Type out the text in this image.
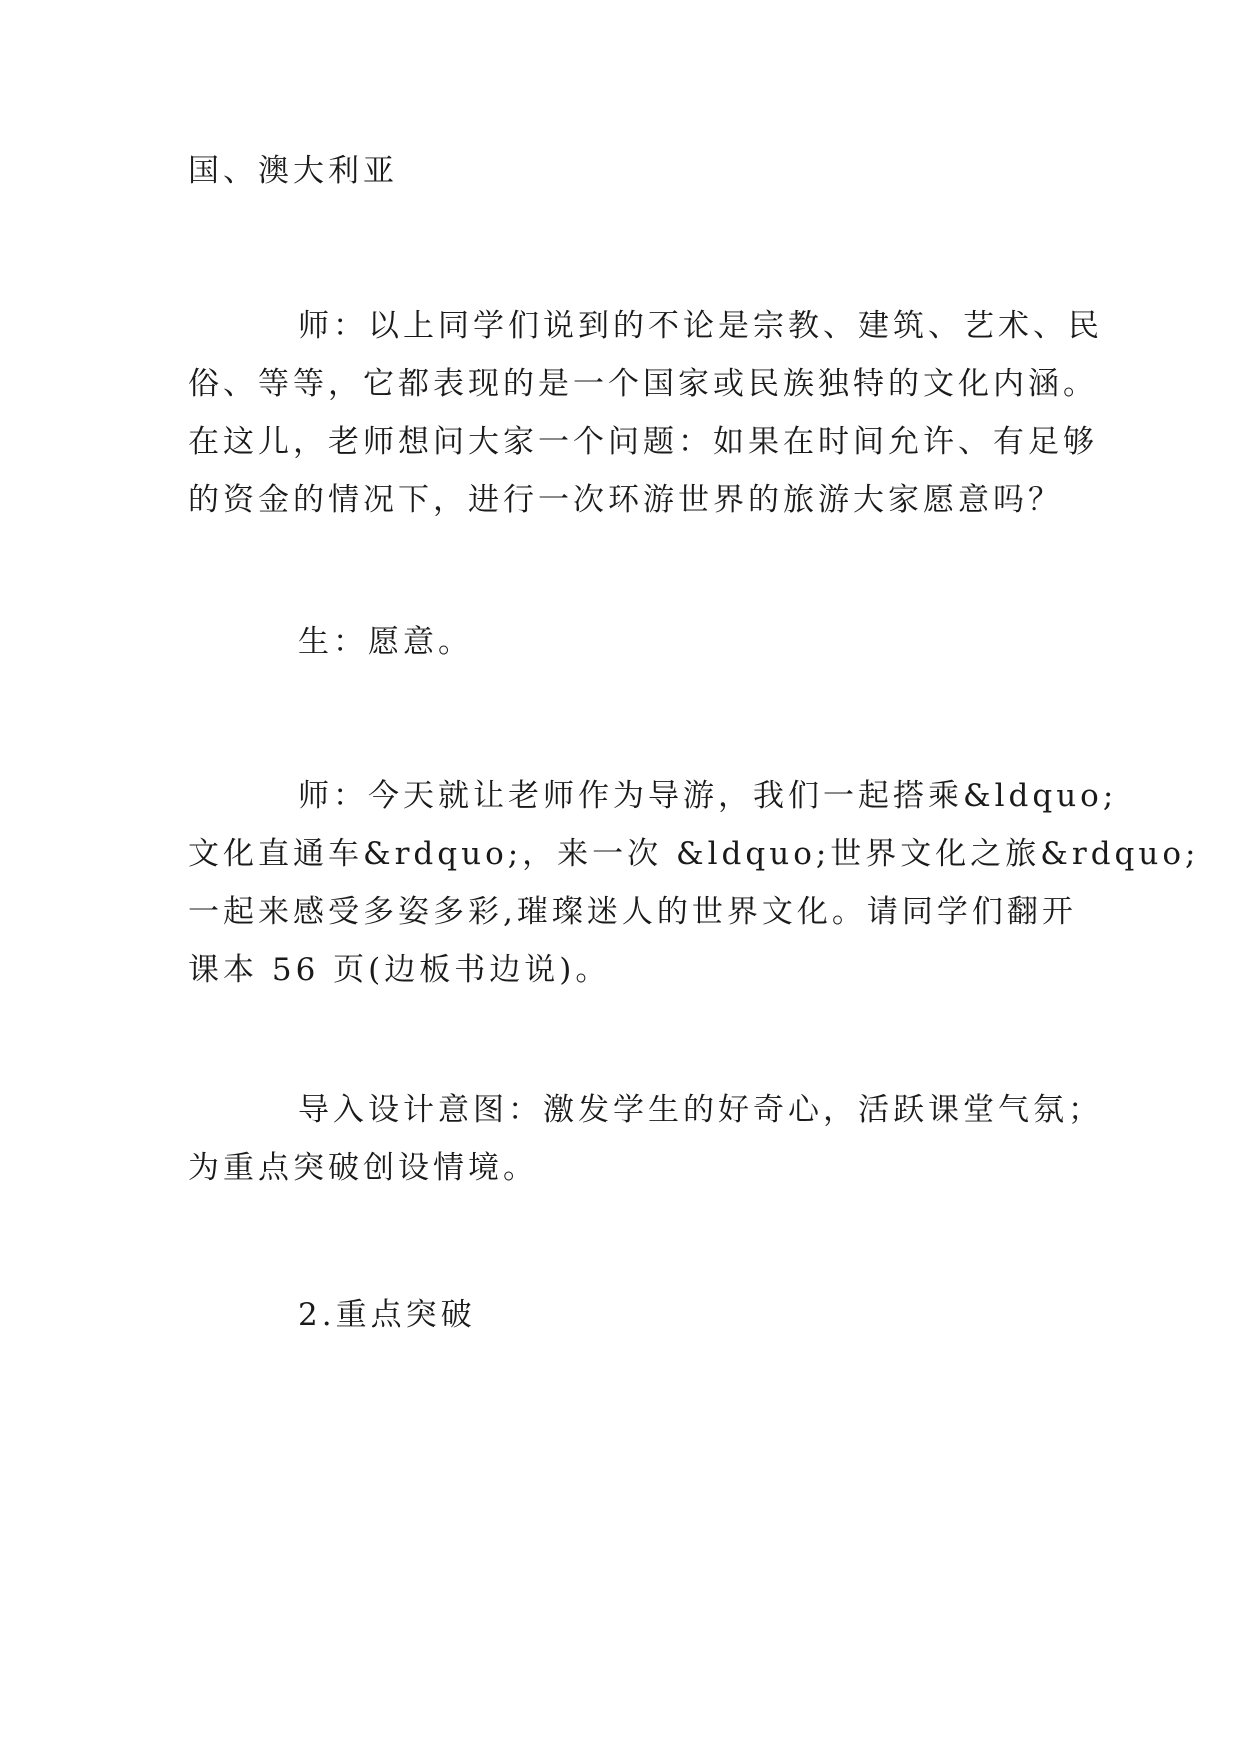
国、澳大利亚

师：以上同学们说到的不论是宗教、建筑、艺术、民
俗、等等，它都表现的是一个国家或民族独特的文化内涵。
在这儿，老师想问大家一个问题：如果在时间允许、有足够
的资金的情况下，进行一次环游世界的旅游大家愿意吗？

生：愿意。

师：今天就让老师作为导游，我们一起搭乘&ldquo;
文化直通车&rdquo;，来一次 &ldquo;世界文化之旅&rdquo;
一起来感受多姿多彩,璀璨迷人的世界文化。请同学们翻开
课本 56 页(边板书边说)。

导入设计意图：激发学生的好奇心，活跃课堂气氛；
为重点突破创设情境。

2.重点突破
